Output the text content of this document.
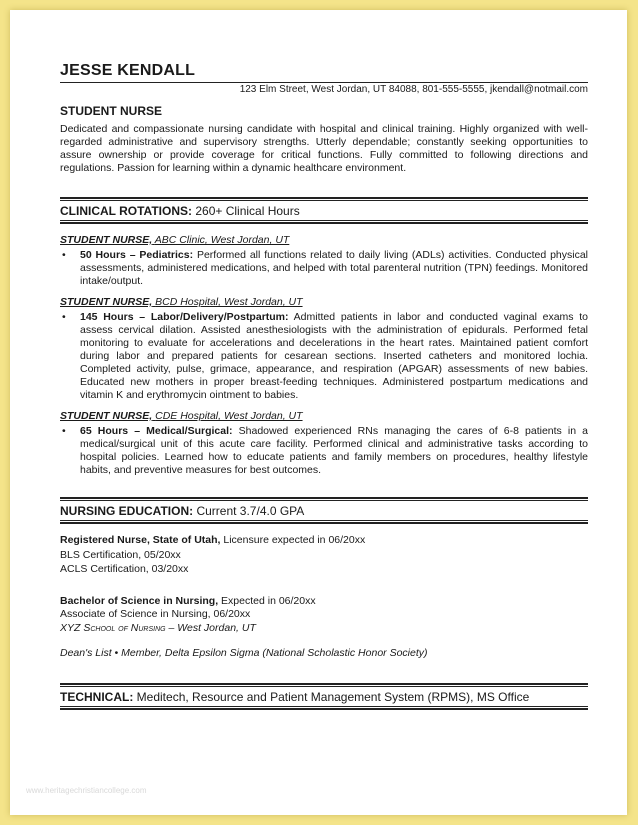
JESSE KENDALL
123 Elm Street, West Jordan, UT 84088, 801-555-5555, jkendall@notmail.com
STUDENT NURSE
Dedicated and compassionate nursing candidate with hospital and clinical training. Highly organized with well-regarded administrative and supervisory strengths. Utterly dependable; constantly seeking opportunities to assure ownership or provide coverage for critical functions. Fully committed to following directions and regulations. Passion for learning within a dynamic healthcare environment.
CLINICAL ROTATIONS: 260+ Clinical Hours
STUDENT NURSE, ABC Clinic, West Jordan, UT
•	50 Hours – Pediatrics: Performed all functions related to daily living (ADLs) activities. Conducted physical assessments, administered medications, and helped with total parenteral nutrition (TPN) feedings. Monitored intake/output.
STUDENT NURSE, BCD Hospital, West Jordan, UT
•	145 Hours – Labor/Delivery/Postpartum: Admitted patients in labor and conducted vaginal exams to assess cervical dilation. Assisted anesthesiologists with the administration of epidurals. Performed fetal monitoring to evaluate for accelerations and decelerations in the heart rates. Maintained patient comfort during labor and prepared patients for cesarean sections. Inserted catheters and monitored lochia. Completed activity, pulse, grimace, appearance, and respiration (APGAR) assessments of new babies. Educated new mothers in proper breast-feeding techniques. Administered postpartum medications and vitamin K and erythromycin ointment to babies.
STUDENT NURSE, CDE Hospital, West Jordan, UT
•	65 Hours – Medical/Surgical: Shadowed experienced RNs managing the cares of 6-8 patients in a medical/surgical unit of this acute care facility. Performed clinical and administrative tasks according to hospital policies. Learned how to educate patients and family members on procedures, healthy lifestyle habits, and preventive measures for best outcomes.
NURSING EDUCATION: Current 3.7/4.0 GPA
Registered Nurse, State of Utah, Licensure expected in 06/20xx
BLS Certification, 05/20xx
ACLS Certification, 03/20xx
Bachelor of Science in Nursing, Expected in 06/20xx
Associate of Science in Nursing, 06/20xx
XYZ School of Nursing – West Jordan, UT
Dean's List • Member, Delta Epsilon Sigma (National Scholastic Honor Society)
TECHNICAL: Meditech, Resource and Patient Management System (RPMS), MS Office
www.heritagechristiancollege.com
